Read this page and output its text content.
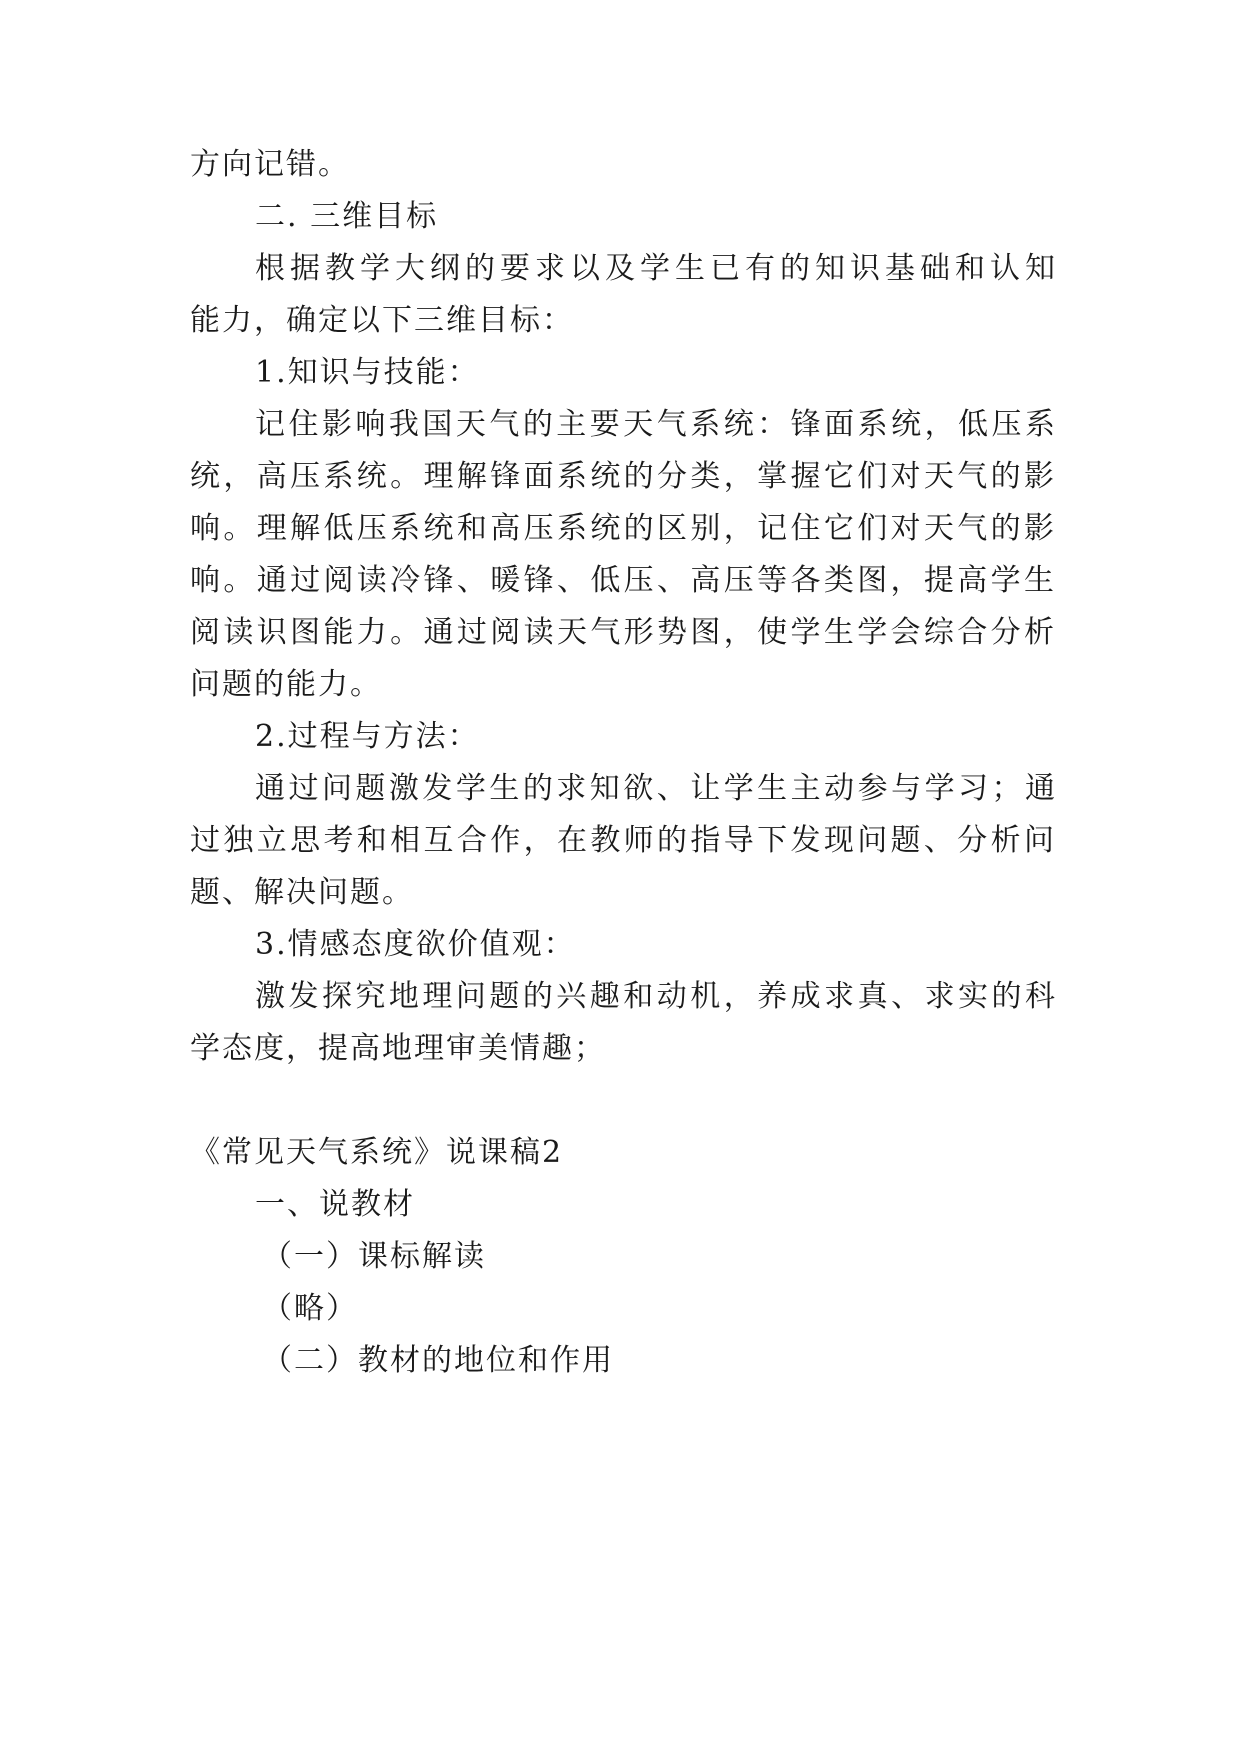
方向记错。
二. 三维目标
根据教学大纲的要求以及学生已有的知识基础和认知
能力，确定以下三维目标：
1.知识与技能：
记住影响我国天气的主要天气系统：锋面系统，低压系
统，高压系统。理解锋面系统的分类，掌握它们对天气的影
响。理解低压系统和高压系统的区别，记住它们对天气的影
响。通过阅读冷锋、暖锋、低压、高压等各类图，提高学生
阅读识图能力。通过阅读天气形势图，使学生学会综合分析
问题的能力。
2.过程与方法：
通过问题激发学生的求知欲、让学生主动参与学习；通
过独立思考和相互合作，在教师的指导下发现问题、分析问
题、解决问题。
3.情感态度欲价值观：
激发探究地理问题的兴趣和动机，养成求真、求实的科
学态度，提高地理审美情趣；
《常见天气系统》说课稿2
一、说教材
（一）课标解读
（略）
（二）教材的地位和作用
